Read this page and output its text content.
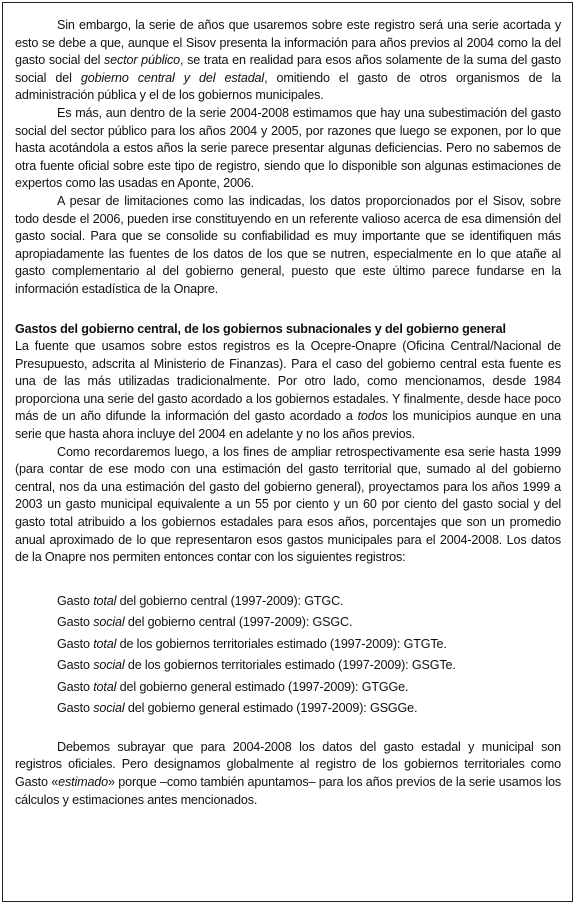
Sin embargo, la serie de años que usaremos sobre este registro será una serie acortada y esto se debe a que, aunque el Sisov presenta la información para años previos al 2004 como la del gasto social del sector público, se trata en realidad para esos años solamente de la suma del gasto social del gobierno central y del estadal, omitiendo el gasto de otros organismos de la administración pública y el de los gobiernos municipales.

Es más, aun dentro de la serie 2004-2008 estimamos que hay una subestimación del gasto social del sector público para los años 2004 y 2005, por razones que luego se exponen, por lo que hasta acotándola a estos años la serie parece presentar algunas deficiencias. Pero no sabemos de otra fuente oficial sobre este tipo de registro, siendo que lo disponible son algunas estimaciones de expertos como las usadas en Aponte, 2006.

A pesar de limitaciones como las indicadas, los datos proporcionados por el Sisov, sobre todo desde el 2006, pueden irse constituyendo en un referente valioso acerca de esa dimensión del gasto social. Para que se consolide su confiabilidad es muy importante que se identifiquen más apropiadamente las fuentes de los datos de los que se nutren, especialmente en lo que atañe al gasto complementario al del gobierno general, puesto que este último parece fundarse en la información estadística de la Onapre.

Gastos del gobierno central, de los gobiernos subnacionales y del gobierno general

La fuente que usamos sobre estos registros es la Ocepre-Onapre (Oficina Central/Nacional de Presupuesto, adscrita al Ministerio de Finanzas). Para el caso del gobierno central esta fuente es una de las más utilizadas tradicionalmente. Por otro lado, como mencionamos, desde 1984 proporciona una serie del gasto acordado a los gobiernos estadales. Y finalmente, desde hace poco más de un año difunde la información del gasto acordado a todos los municipios aunque en una serie que hasta ahora incluye del 2004 en adelante y no los años previos.

Como recordaremos luego, a los fines de ampliar retrospectivamente esa serie hasta 1999 (para contar de ese modo con una estimación del gasto territorial que, sumado al del gobierno central, nos da una estimación del gasto del gobierno general), proyectamos para los años 1999 a 2003 un gasto municipal equivalente a un 55 por ciento y un 60 por ciento del gasto social y del gasto total atribuido a los gobiernos estadales para esos años, porcentajes que son un promedio anual aproximado de lo que representaron esos gastos municipales para el 2004-2008. Los datos de la Onapre nos permiten entonces contar con los siguientes registros:

Gasto total del gobierno central (1997-2009): GTGC.
Gasto social del gobierno central (1997-2009): GSGC.
Gasto total de los gobiernos territoriales estimado (1997-2009): GTGTe.
Gasto social de los gobiernos territoriales estimado (1997-2009): GSGTe.
Gasto total del gobierno general estimado (1997-2009): GTGGe.
Gasto social del gobierno general estimado (1997-2009): GSGGe.

Debemos subrayar que para 2004-2008 los datos del gasto estadal y municipal son registros oficiales. Pero designamos globalmente al registro de los gobiernos territoriales como Gasto «estimado» porque –como también apuntamos– para los años previos de la serie usamos los cálculos y estimaciones antes mencionados.
